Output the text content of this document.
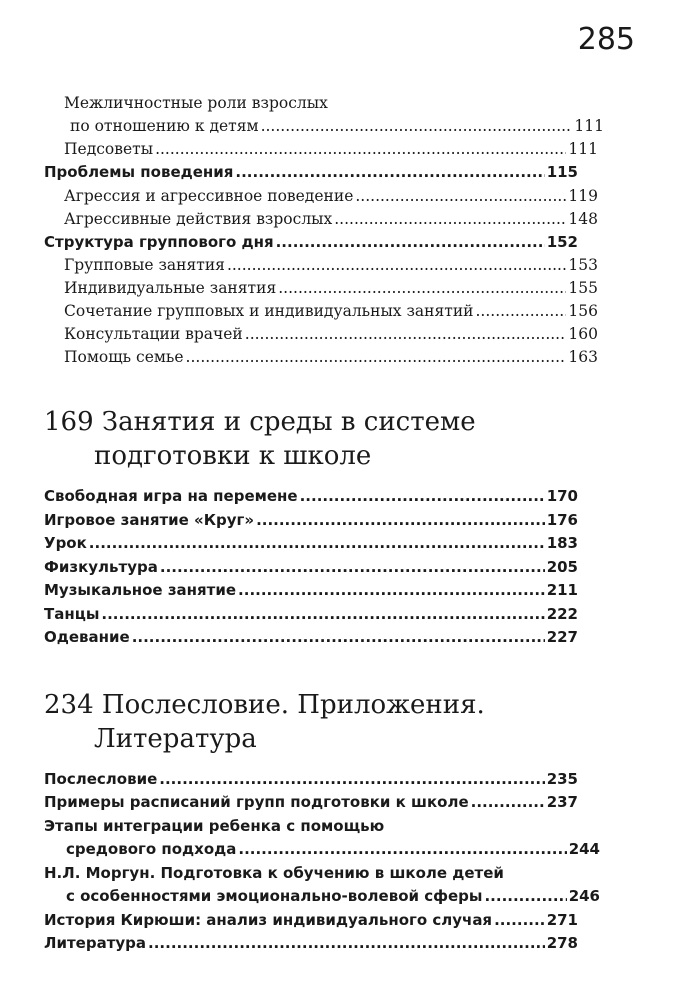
285
Межличностные роли взрослых
по отношению к детям .....	111
Педсоветы .....	111
Проблемы поведения .....	115
Агрессия и агрессивное поведение .....	119
Агрессивные действия взрослых .....	148
Структура группового дня .....	152
Групповые занятия .....	153
Индивидуальные занятия .....	155
Сочетание групповых и индивидуальных занятий .....	156
Консультации врачей .....	160
Помощь семье .....	163
169 Занятия и среды в системе
подготовки к школе
Свободная игра на перемене .....	170
Игровое занятие «Круг» .....	176
Урок .....	183
Физкультура .....	205
Музыкальное занятие .....	211
Танцы .....	222
Одевание .....	227
234 Послесловие. Приложения.
Литература
Послесловие .....	235
Примеры расписаний групп подготовки к школе .....	237
Этапы интеграции ребенка с помощью
средового подхода .....	244
Н.Л. Моргун. Подготовка к обучению в школе детей
с особенностями эмоционально-волевой сферы .....	246
История Кирюши: анализ индивидуального случая .....	271
Литература .....	278
